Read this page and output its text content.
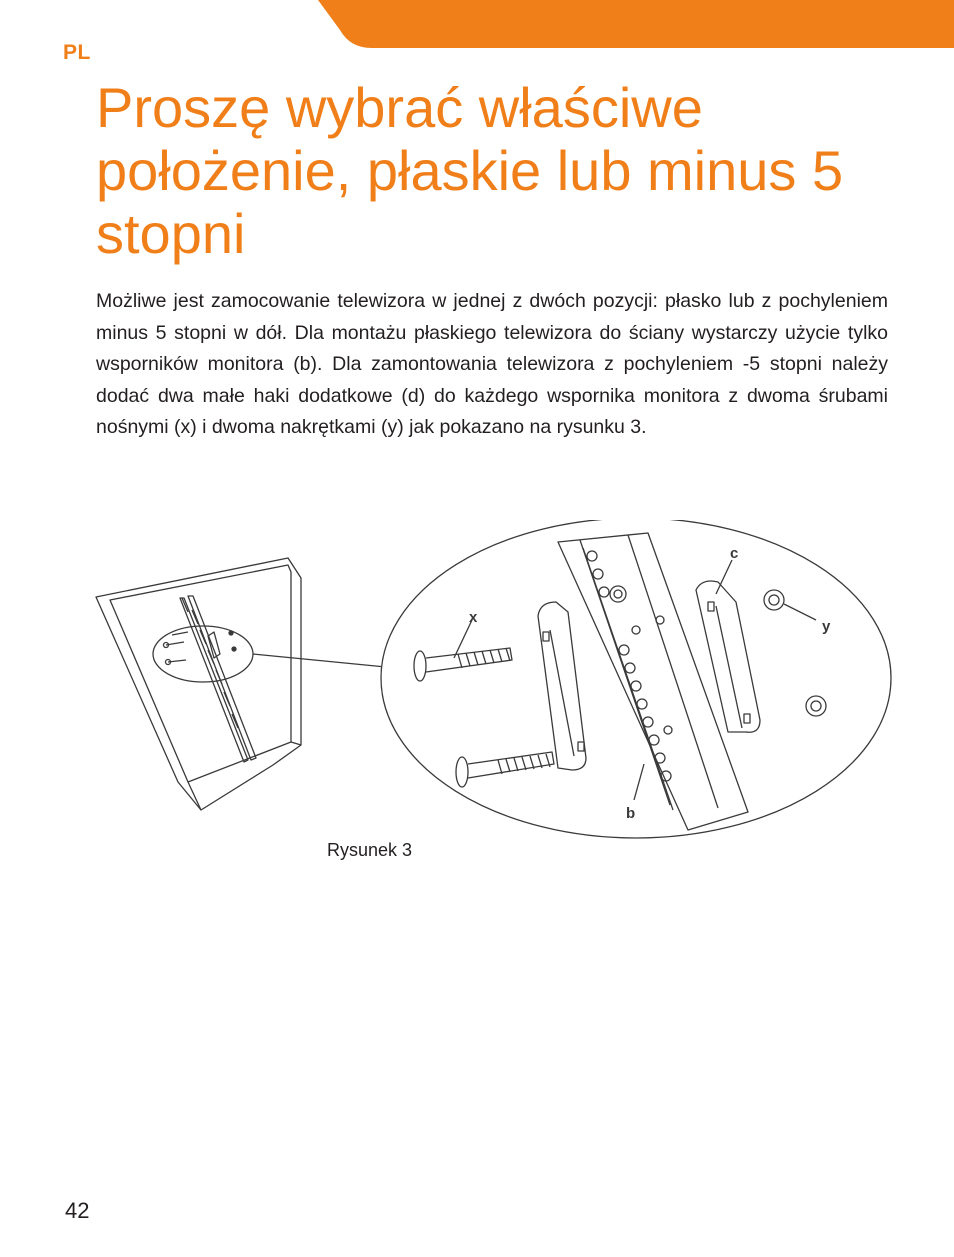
PL
Proszę wybrać właściwe położenie, płaskie lub minus 5 stopni

Możliwe jest zamocowanie telewizora w jednej z dwóch pozycji: płasko lub z pochyleniem minus 5 stopni w dół. Dla montażu płaskiego telewizora do ściany wystarczy użycie tylko wsporników monitora (b). Dla zamontowania telewizora z pochyleniem -5 stopni należy dodać dwa małe haki dodatkowe (d) do każdego wspornika monitora z dwoma śrubami nośnymi (x) i dwoma nakrętkami (y) jak pokazano na rysunku 3.

x
c
y
b
Rysunek 3
42
